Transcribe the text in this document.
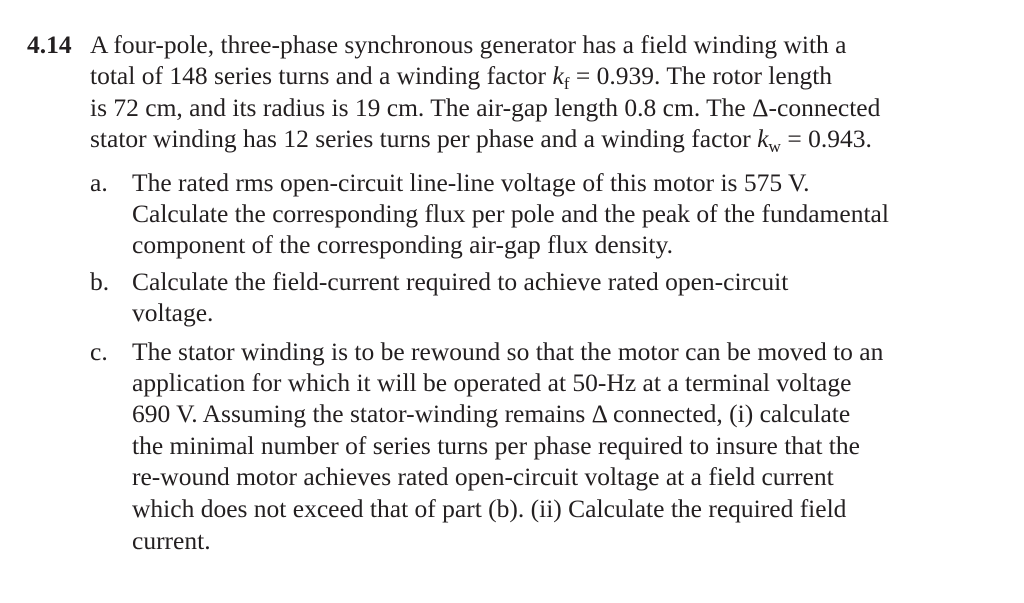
4.14 A four-pole, three-phase synchronous generator has a field winding with a
total of 148 series turns and a winding factor kf = 0.939. The rotor length
is 72 cm, and its radius is 19 cm. The air-gap length 0.8 cm. The Δ-connected
stator winding has 12 series turns per phase and a winding factor kw = 0.943.
a. The rated rms open-circuit line-line voltage of this motor is 575 V.
Calculate the corresponding flux per pole and the peak of the fundamental
component of the corresponding air-gap flux density.
b. Calculate the field-current required to achieve rated open-circuit
voltage.
c. The stator winding is to be rewound so that the motor can be moved to an
application for which it will be operated at 50-Hz at a terminal voltage
690 V. Assuming the stator-winding remains Δ connected, (i) calculate
the minimal number of series turns per phase required to insure that the
re-wound motor achieves rated open-circuit voltage at a field current
which does not exceed that of part (b). (ii) Calculate the required field
current.
